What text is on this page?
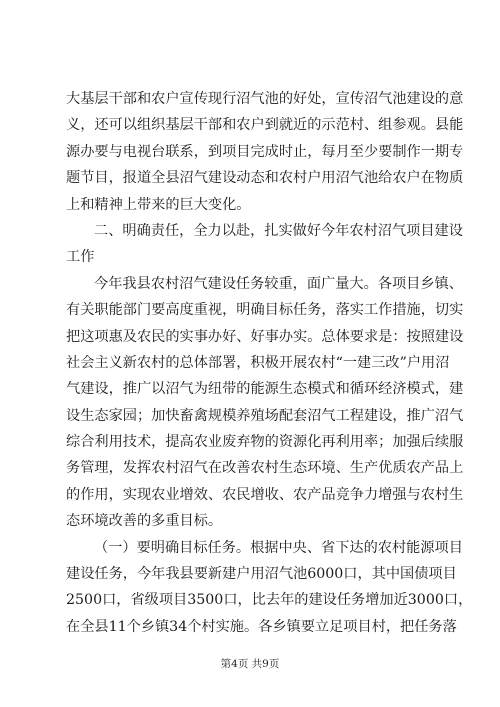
大基层干部和农户宣传现行沼气池的好处，宣传沼气池建设的意
义，还可以组织基层干部和农户到就近的示范村、组参观。县能
源办要与电视台联系，到项目完成时止，每月至少要制作一期专
题节目，报道全县沼气建设动态和农村户用沼气池给农户在物质
上和精神上带来的巨大变化。
二、明确责任，全力以赴，扎实做好今年农村沼气项目建设
工作
今年我县农村沼气建设任务较重，面广量大。各项目乡镇、
有关职能部门要高度重视，明确目标任务，落实工作措施，切实
把这项惠及农民的实事办好、好事办实。总体要求是：按照建设
社会主义新农村的总体部署，积极开展农村“一建三改”户用沼
气建设，推广以沼气为纽带的能源生态模式和循环经济模式，建
设生态家园；加快畜禽规模养殖场配套沼气工程建设，推广沼气
综合利用技术，提高农业废弃物的资源化再利用率；加强后续服
务管理，发挥农村沼气在改善农村生态环境、生产优质农产品上
的作用，实现农业增效、农民增收、农产品竞争力增强与农村生
态环境改善的多重目标。
（一）要明确目标任务。根据中央、省下达的农村能源项目
建设任务，今年我县要新建户用沼气池6000口，其中国债项目
2500口，省级项目3500口，比去年的建设任务增加近3000口，
在全县11个乡镇34个村实施。各乡镇要立足项目村，把任务落
第4页 共9页
